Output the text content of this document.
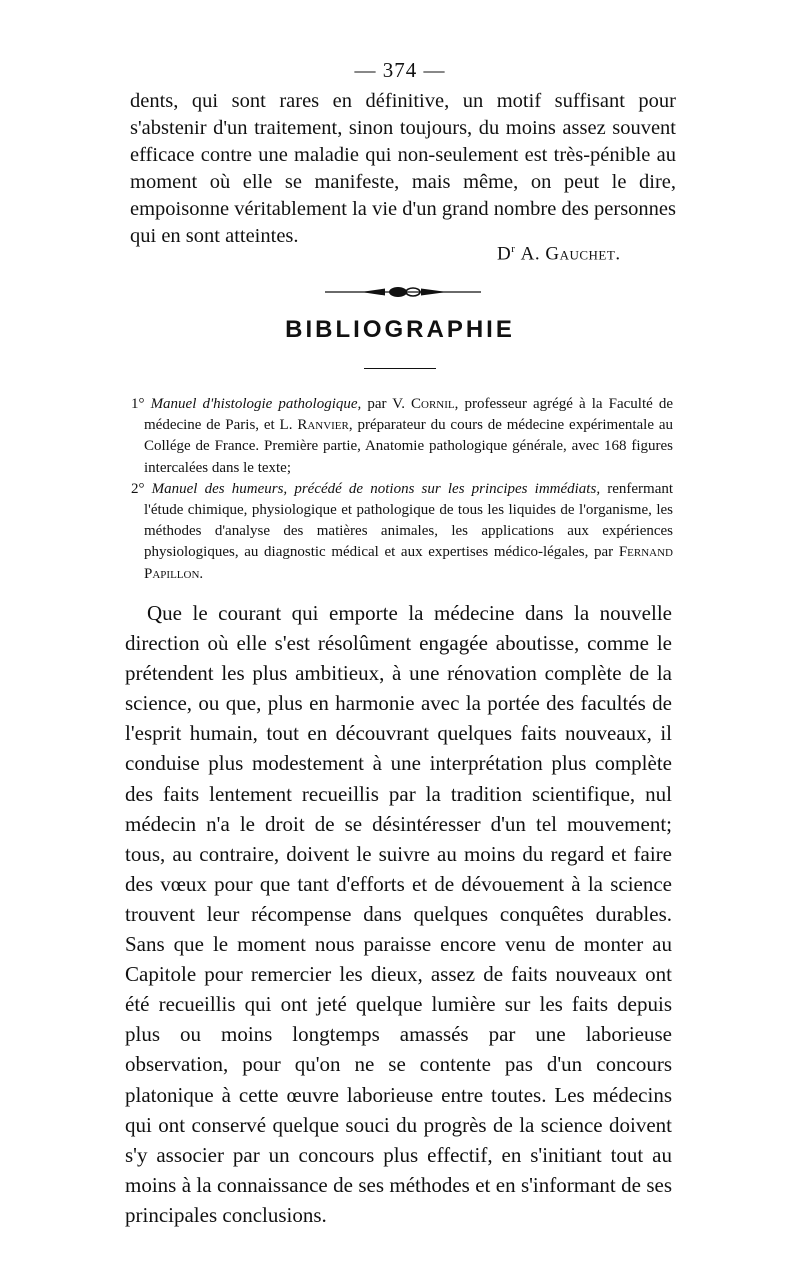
— 374 —
dents, qui sont rares en définitive, un motif suffisant pour s'abstenir d'un traitement, sinon toujours, du moins assez souvent efficace contre une maladie qui non-seulement est très-pénible au moment où elle se manifeste, mais même, on peut le dire, empoisonne véritablement la vie d'un grand nombre des personnes qui en sont atteintes.
$D^r$ A. Gauchet.
BIBLIOGRAPHIE

1° Manuel d'histologie pathologique, par V. Cornil, professeur agrégé à la Faculté de médecine de Paris, et L. Ranvier, préparateur du cours de médecine expérimentale au Collége de France. Première partie, Anatomie pathologique générale, avec 168 figures intercalées dans le texte;

2° Manuel des humeurs, précédé de notions sur les principes immédiats, renfermant l'étude chimique, physiologique et pathologique de tous les liquides de l'organisme, les méthodes d'analyse des matières animales, les applications aux expériences physiologiques, au diagnostic médical et aux expertises médico-légales, par Fernand Papillon.

Que le courant qui emporte la médecine dans la nouvelle direction où elle s'est résolûment engagée aboutisse, comme le prétendent les plus ambitieux, à une rénovation complète de la science, ou que, plus en harmonie avec la portée des facultés de l'esprit humain, tout en découvrant quelques faits nouveaux, il conduise plus modestement à une interprétation plus complète des faits lentement recueillis par la tradition scientifique, nul médecin n'a le droit de se désintéresser d'un tel mouvement; tous, au contraire, doivent le suivre au moins du regard et faire des vœux pour que tant d'efforts et de dévouement à la science trouvent leur récompense dans quelques conquêtes durables. Sans que le moment nous paraisse encore venu de monter au Capitole pour remercier les dieux, assez de faits nouveaux ont été recueillis qui ont jeté quelque lumière sur les faits depuis plus ou moins longtemps amassés par une laborieuse observation, pour qu'on ne se contente pas d'un concours platonique à cette œuvre laborieuse entre toutes. Les médecins qui ont conservé quelque souci du progrès de la science doivent s'y associer par un concours plus effectif, en s'initiant tout au moins à la connaissance de ses méthodes et en s'informant de ses principales conclusions.
